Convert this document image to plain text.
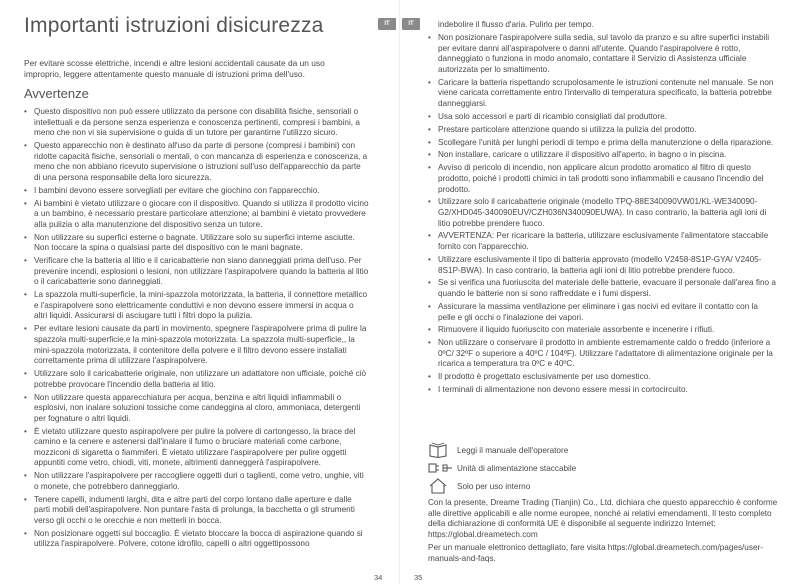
Importanti istruzioni disicurezza	IT

Per evitare scosse elettriche, incendi e altre lesioni accidentali causate da un uso improprio, leggere attentamente questo manuale di istruzioni prima dell'uso.

Avvertenze
• Questo dispositivo non può essere utilizzato da persone con disabilità fisiche, sensoriali o intellettuali e da persone senza esperienza e conoscenza pertinenti, compresi i bambini, a meno che non vi sia supervisione o guida di un tutore per garantirne l'utilizzo sicuro.
• Questo apparecchio non è destinato all'uso da parte di persone (compresi i bambini) con ridotte capacità fisiche, sensoriali o mentali, o con mancanza di esperienza e conoscenza, a meno che non abbiano ricevuto supervisione o istruzioni sull'uso dell'apparecchio da parte di una persona responsabile della loro sicurezza.
• I bambini devono essere sorvegliati per evitare che giochino con l'apparecchio.
• Ai bambini è vietato utilizzare o giocare con il dispositivo. Quando si utilizza il prodotto vicino a un bambino, è necessario prestare particolare attenzione; ai bambini è vietato provvedere alla pulizia o alla manutenzione del dispositivo senza un tutore.
• Non utilizzare su superfici esterne o bagnate. Utilizzare solo su superfici interne asciutte. Non toccare la spina o qualsiasi parte del dispositivo con le mani bagnate.
• Verificare che la batteria al litio e il caricabatterie non siano danneggiati prima dell'uso. Per prevenire incendi, esplosioni o lesioni, non utilizzare l'aspirapolvere quando la batteria al litio o il caricabatterie sono danneggiati.
• La spazzola multi-superficie, la mini-spazzola motorizzata, la batteria, il connettore metallico e l'aspirapolvere sono elettricamente conduttivi e non devono essere immersi in acqua o altri liquidi. Assicurarsi di asciugare tutti i filtri dopo la pulizia.
• Per evitare lesioni causate da parti in movimento, spegnere l'aspirapolvere prima di pulire la spazzola multi-superficie,e la mini-spazzola motorizzata. La spazzola multi-superficie,, la mini-spazzola motorizzata, il contenitore della polvere e il filtro devono essere installati correttamente prima di utilizzare l'aspirapolvere.
• Utilizzare solo il caricabatterie originale, non utilizzare un adattatore non ufficiale, poiché ciò potrebbe provocare l'incendio della batteria al litio.
• Non utilizzare questa apparecchiatura per acqua, benzina e altri liquidi infiammabili o esplosivi, non inalare soluzioni tossiche come candeggina al cloro, ammoniaca, detergenti per fognature o altri liquidi.
• È vietato utilizzare questo aspirapolvere per pulire la polvere di cartongesso, la brace del camino e la cenere e astenersi dall'inalare il fumo o bruciare materiali come carbone, mozziconi di sigaretta o fiammiferi. È vietato utilizzare l'aspirapolvere per pulire oggetti appuntiti come vetro, chiodi, viti, monete, altrimenti danneggerà l'aspirapolvere.
• Non utilizzare l'aspirapolvere per raccogliere oggetti duri o taglienti, come vetro, unghie, viti o monete, che potrebbero danneggiarlo.
• Tenere capelli, indumenti larghi, dita e altre parti del corpo lontano dalle aperture e dalle parti mobili dell'aspirapolvere. Non puntare l'asta di prolunga, la bacchetta o gli strumenti verso gli occhi o le orecchie e non metterli in bocca.
• Non posizionare oggetti sul boccaglio. È vietato bloccare la bocca di aspirazione quando si utilizza l'aspirapolvere. Polvere, cotone idrofilo, capelli o altri oggettipossono
34
IT	indebolire il flusso d'aria. Pulirlo per tempo.

• Non posizionare l'aspirapolvere sulla sedia, sul tavolo da pranzo e su altre superfici instabili per evitare danni all'aspirapolvere o danni all'utente. Quando l'aspirapolvere è rotto, danneggiato o funziona in modo anomalo, contattare il Servizio di Assistenza ufficiale autorizzata per lo smaltimento.
• Caricare la batteria rispettando scrupolosamente le istruzioni contenute nel manuale. Se non viene caricata correttamente entro l'intervallo di temperatura specificato, la batteria potrebbe danneggiarsi.
• Usa solo accessori e parti di ricambio consigliati dal produttore.
• Prestare particolare attenzione quando si utilizza la pulizia del prodotto.
• Scollegare l'unità per lunghi periodi di tempo e prima della manutenzione o della riparazione.
• Non installare, caricare o utilizzare il dispositivo all'aperto, in bagno o in piscina.
• Avviso di pericolo di incendio, non applicare alcun prodotto aromatico al filtro di questo prodotto, poiché i prodotti chimici in tali prodotti sono infiammabili e causano l'incendio del prodotto.
• Utilizzare solo il caricabatterie originale (modello TPQ-88E340090VW01/KL-WE340090-G2/XHD045-340090EUV/CZH036N340090EUWA). In caso contrario, la batteria agli ioni di litio potrebbe prendere fuoco.
• AVVERTENZA: Per ricaricare la batteria, utilizzare esclusivamente l'alimentatore staccabile fornito con l'apparecchio.
• Utilizzare esclusivamente il tipo di batteria approvato (modello V2458-8S1P-GYA/ V2405-8S1P-BWA). In caso contrario, la batteria agli ioni di litio potrebbe prendere fuoco.
• Se si verifica una fuoriuscita del materiale delle batterie, evacuare il personale dall'area fino a quando le batterie non si sono raffreddate e i fumi dispersi.
• Assicurare la massima ventilazione per eliminare i gas nocivi ed evitare il contatto con la pelle e gli occhi o l'inalazione dei vapori.
• Rimuovere il liquido fuoriuscito con materiale assorbente e incenerire i rifiuti.
• Non utilizzare o conservare il prodotto in ambiente estremamente caldo o freddo (inferiore a 0ºC/ 32ºF o superiore a 40ºC / 104ºF). Utilizzare l'adattatore di alimentazione originale per la ricarica a temperatura tra 0ºC e 40ºC.
• Il prodotto è progettato esclusivamente per uso domestico.
• I terminali di alimentazione non devono essere messi in cortocircuito.
Leggi il manuale dell'operatore
Unità di alimentazione staccabile
Solo per uso interno

Con la presente, Dreame Trading (Tianjin) Co., Ltd. dichiara che questo apparecchio è conforme alle direttive applicabili e alle norme europee, nonché ai relativi emendamenti. Il testo completo della dichiarazione di conformità UE è disponibile al seguente indirizzo Internet: https://global.dreametech.com

Per un manuale elettronico dettagliato, fare visita https://global.dreametech.com/pages/user-manuals-and-faqs.

35
